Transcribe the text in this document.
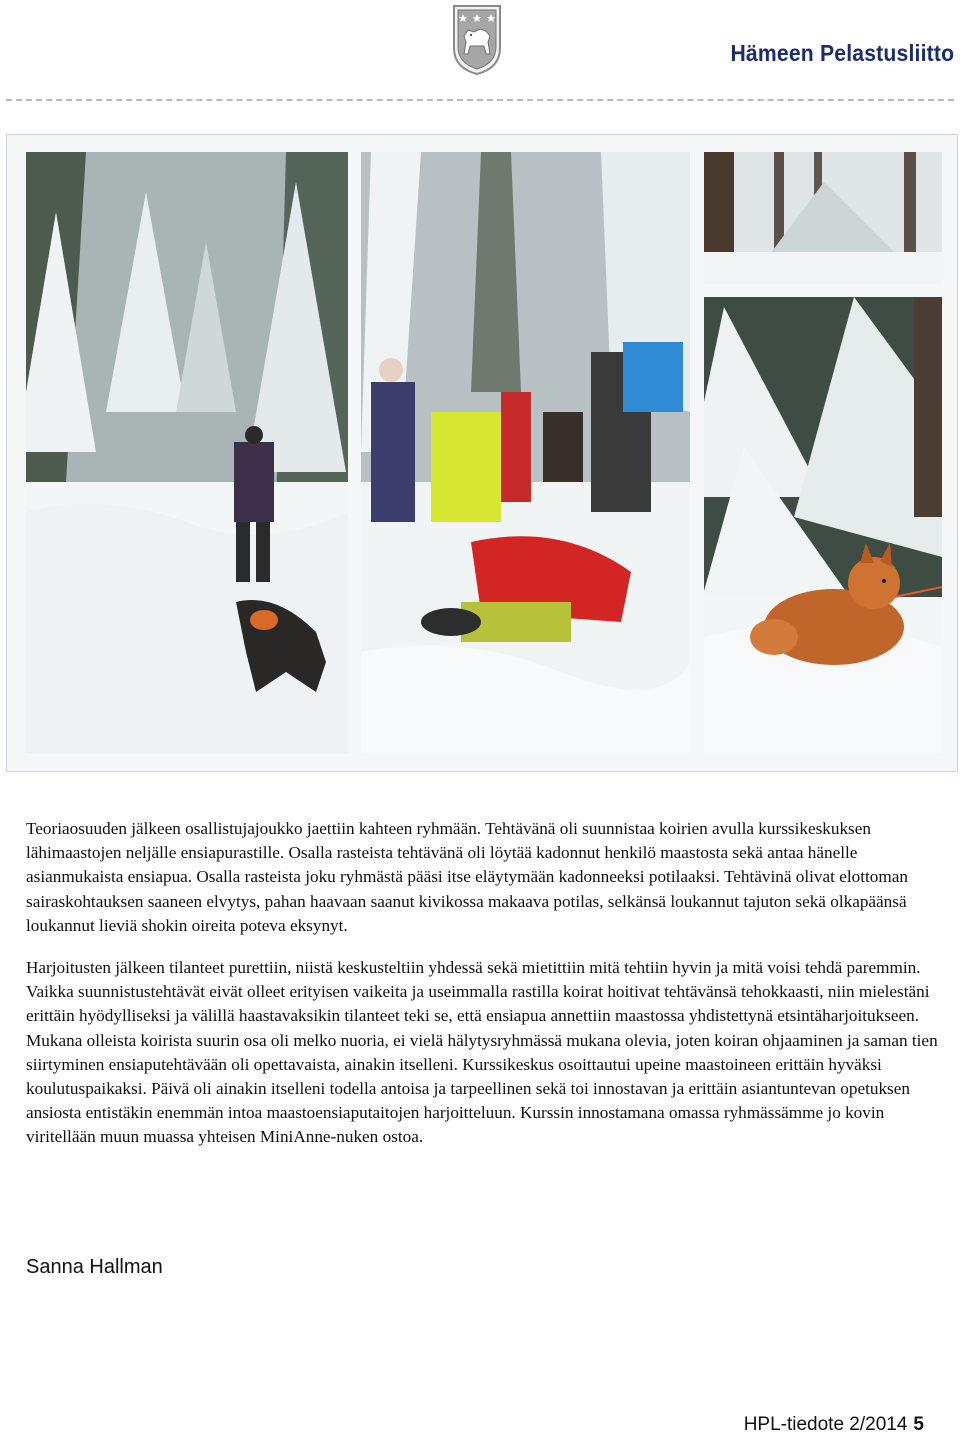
Hämeen Pelastusliitto

Teoriaosuuden jälkeen osallistujajoukko jaettiin kahteen ryhmään. Tehtävänä oli suunnistaa koirien avulla kurssikeskuksen lähimaastojen neljälle ensiapurastille. Osalla rasteista tehtävänä oli löytää kadonnut henkilö maastosta sekä antaa hänelle asianmukaista ensiapua. Osalla rasteista joku ryhmästä pääsi itse eläytymään kadonneeksi potilaaksi. Tehtävinä olivat elottoman sairaskohtauksen saaneen elvytys, pahan haavaan saanut kivikossa makaava potilas, selkänsä loukannut tajuton sekä olkapäänsä loukannut lieviä shokin oireita poteva eksynyt.

Harjoitusten jälkeen tilanteet purettiin, niistä keskusteltiin yhdessä sekä mietittiin mitä tehtiin hyvin ja mitä voisi tehdä paremmin. Vaikka suunnistustehtävät eivät olleet erityisen vaikeita ja useimmalla rastilla koirat hoitivat tehtävänsä tehokkaasti, niin mielestäni erittäin hyödylliseksi ja välillä haastavaksikin tilanteet teki se, että ensiapua annettiin maastossa yhdistettynä etsintäharjoitukseen. Mukana olleista koirista suurin osa oli melko nuoria, ei vielä hälytysryhmässä mukana olevia, joten koiran ohjaaminen ja saman tien siirtyminen ensiaputehtävään oli opettavaista, ainakin itselleni. Kurssikeskus osoittautui upeine maastoineen erittäin hyväksi koulutuspaikaksi. Päivä oli ainakin itselleni todella antoisa ja tarpeellinen sekä toi innostavan ja erittäin asiantuntevan opetuksen ansiosta entistäkin enemmän intoa maastoensiaputaitojen harjoitteluun. Kurssin innostamana omassa ryhmässämme jo kovin viritellään muun muassa yhteisen MiniAnne-nuken ostoa.

Sanna Hallman
HPL-tiedote 2/2014 5
